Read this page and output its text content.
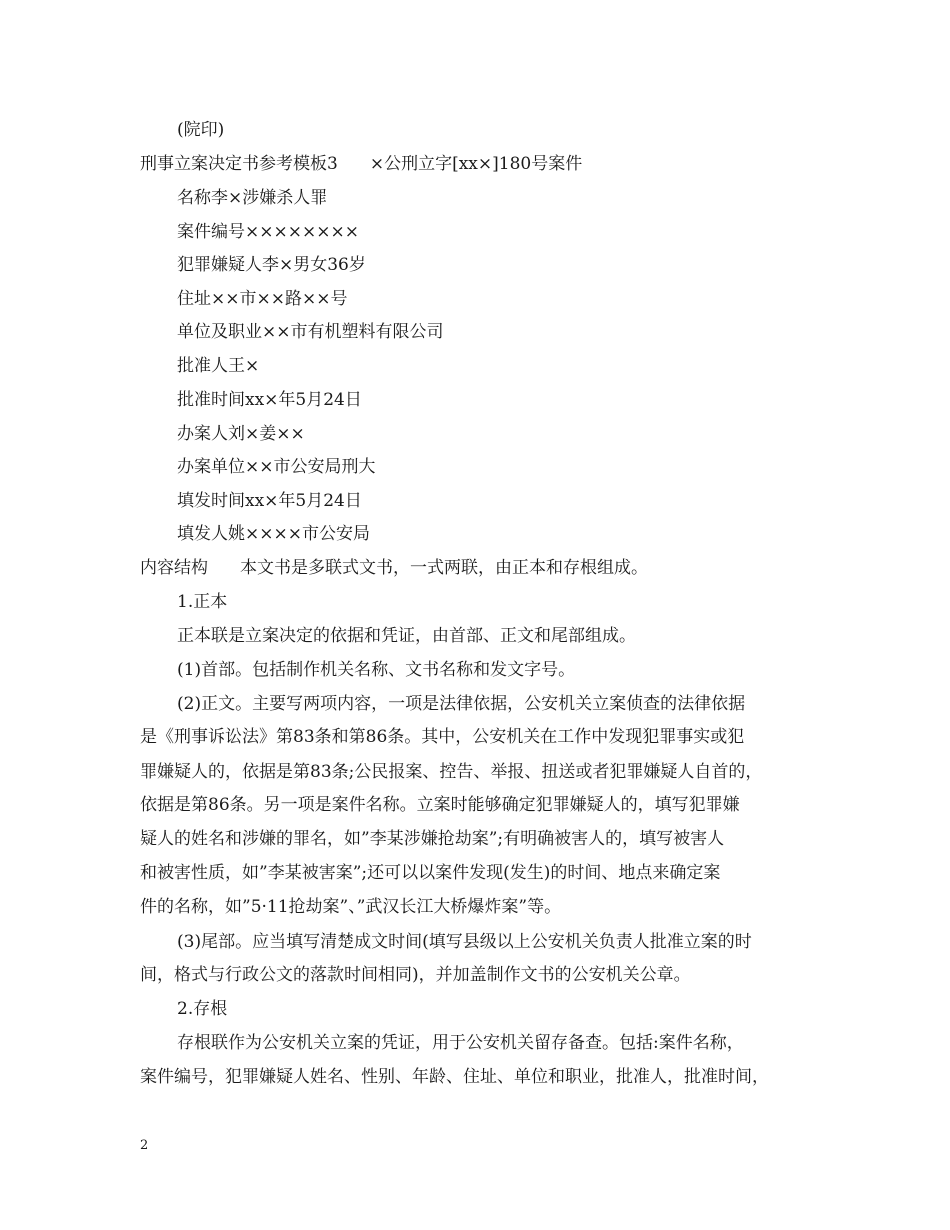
(院印)
刑事立案决定书参考模板3 ×公刑立字[xx×]180号案件
名称李×涉嫌杀人罪
案件编号××××××××
犯罪嫌疑人李×男女36岁
住址××市××路××号
单位及职业××市有机塑料有限公司
批准人王×
批准时间xx×年5月24日
办案人刘×姜××
办案单位××市公安局刑大
填发时间xx×年5月24日
填发人姚××××市公安局
内容结构 本文书是多联式文书，一式两联，由正本和存根组成。
1.正本
正本联是立案决定的依据和凭证，由首部、正文和尾部组成。
(1)首部。包括制作机关名称、文书名称和发文字号。
(2)正文。主要写两项内容，一项是法律依据，公安机关立案侦查的法律依据
是《刑事诉讼法》第83条和第86条。其中，公安机关在工作中发现犯罪事实或犯
罪嫌疑人的，依据是第83条;公民报案、控告、举报、扭送或者犯罪嫌疑人自首的，
依据是第86条。另一项是案件名称。立案时能够确定犯罪嫌疑人的，填写犯罪嫌
疑人的姓名和涉嫌的罪名，如”李某涉嫌抢劫案”;有明确被害人的，填写被害人
和被害性质，如”李某被害案”;还可以以案件发现(发生)的时间、地点来确定案
件的名称，如”5·11抢劫案”、”武汉长江大桥爆炸案”等。
(3)尾部。应当填写清楚成文时间(填写县级以上公安机关负责人批准立案的时
间，格式与行政公文的落款时间相同)，并加盖制作文书的公安机关公章。
2.存根
存根联作为公安机关立案的凭证，用于公安机关留存备查。包括:案件名称，
案件编号，犯罪嫌疑人姓名、性别、年龄、住址、单位和职业，批准人，批准时间，
2
